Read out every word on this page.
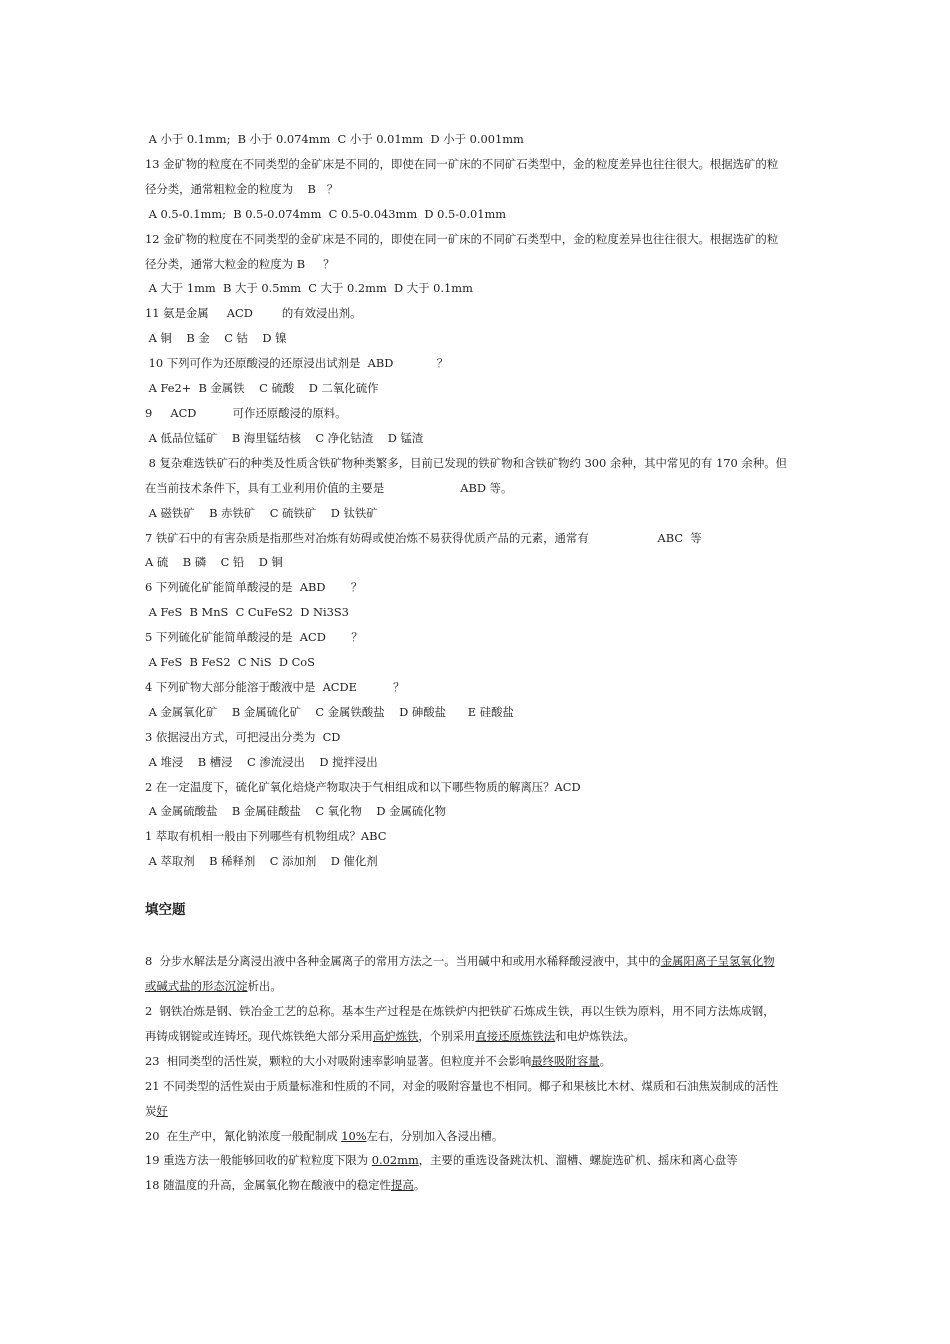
A 小于 0.1mm;  B 小于 0.074mm  C 小于 0.01mm  D 小于 0.001mm
13 金矿物的粒度在不同类型的金矿床是不同的，即使在同一矿床的不同矿石类型中，金的粒度差异也往往很大。根据选矿的粒
径分类，通常粗粒金的粒度为    B   ？
A 0.5-0.1mm;  B 0.5-0.074mm  C 0.5-0.043mm  D 0.5-0.01mm
12 金矿物的粒度在不同类型的金矿床是不同的，即使在同一矿床的不同矿石类型中，金的粒度差异也往往很大。根据选矿的粒
径分类，通常大粒金的粒度为 B     ？
A 大于 1mm  B 大于 0.5mm  C 大于 0.2mm  D 大于 0.1mm
11 氨是金属     ACD        的有效浸出剂。
A 铜    B 金    C 钴    D 镍
10 下列可作为还原酸浸的还原浸出试剂是  ABD            ？
A Fe2+  B 金属铁    C 硫酸    D 二氧化硫作
9     ACD          可作还原酸浸的原料。
A 低品位锰矿    B 海里锰结核    C 净化钴渣    D 锰渣
8 复杂难选铁矿石的种类及性质含铁矿物种类繁多，目前已发现的铁矿物和含铁矿物约 300 余种，其中常见的有 170 余种。但
在当前技术条件下，具有工业利用价值的主要是                     ABD 等。
A 磁铁矿    B 赤铁矿    C 硫铁矿    D 钛铁矿
7 铁矿石中的有害杂质是指那些对冶炼有妨碍或使冶炼不易获得优质产品的元素，通常有                   ABC  等
A 硫    B 磷    C 铅    D 铜
6 下列硫化矿能简单酸浸的是  ABD       ？
A FeS  B MnS  C CuFeS2  D Ni3S3
5 下列硫化矿能简单酸浸的是  ACD       ？
A FeS  B FeS2  C NiS  D CoS
4 下列矿物大部分能溶于酸液中是  ACDE          ？
A 金属氧化矿    B 金属硫化矿    C 金属铁酸盐    D 砷酸盐      E 硅酸盐
3 依据浸出方式，可把浸出分类为  CD
A 堆浸    B 槽浸    C 渗流浸出    D 搅拌浸出
2 在一定温度下，硫化矿氧化焙烧产物取决于气相组成和以下哪些物质的解离压？ACD
A 金属硫酸盐    B 金属硅酸盐    C 氧化物    D 金属硫化物
1 萃取有机相一般由下列哪些有机物组成？ABC
A 萃取剂    B 稀释剂    C 添加剂    D 催化剂
填空题
8  分步水解法是分离浸出液中各种金属离子的常用方法之一。当用碱中和或用水稀释酸浸液中，其中的金属阳离子呈氢氧化物
或碱式盐的形态沉淀析出。
2  钢铁冶炼是钢、铁冶金工艺的总称。基本生产过程是在炼铁炉内把铁矿石炼成生铁，再以生铁为原料，用不同方法炼成钢，
再铸成钢锭或连铸坯。现代炼铁绝大部分采用高炉炼铁，个别采用直接还原炼铁法和电炉炼铁法。
23  相同类型的活性炭，颗粒的大小对吸附速率影响显著。但粒度并不会影响最终吸附容量。
21 不同类型的活性炭由于质量标准和性质的不同，对金的吸附容量也不相同。椰子和果核比木材、煤质和石油焦炭制成的活性
炭好
20  在生产中，氰化钠浓度一般配制成 10%左右，分别加入各浸出槽。
19 重选方法一般能够回收的矿粒粒度下限为 0.02mm，主要的重选设备跳汰机、溜槽、螺旋选矿机、摇床和离心盘等
18 随温度的升高，金属氧化物在酸液中的稳定性提高。
